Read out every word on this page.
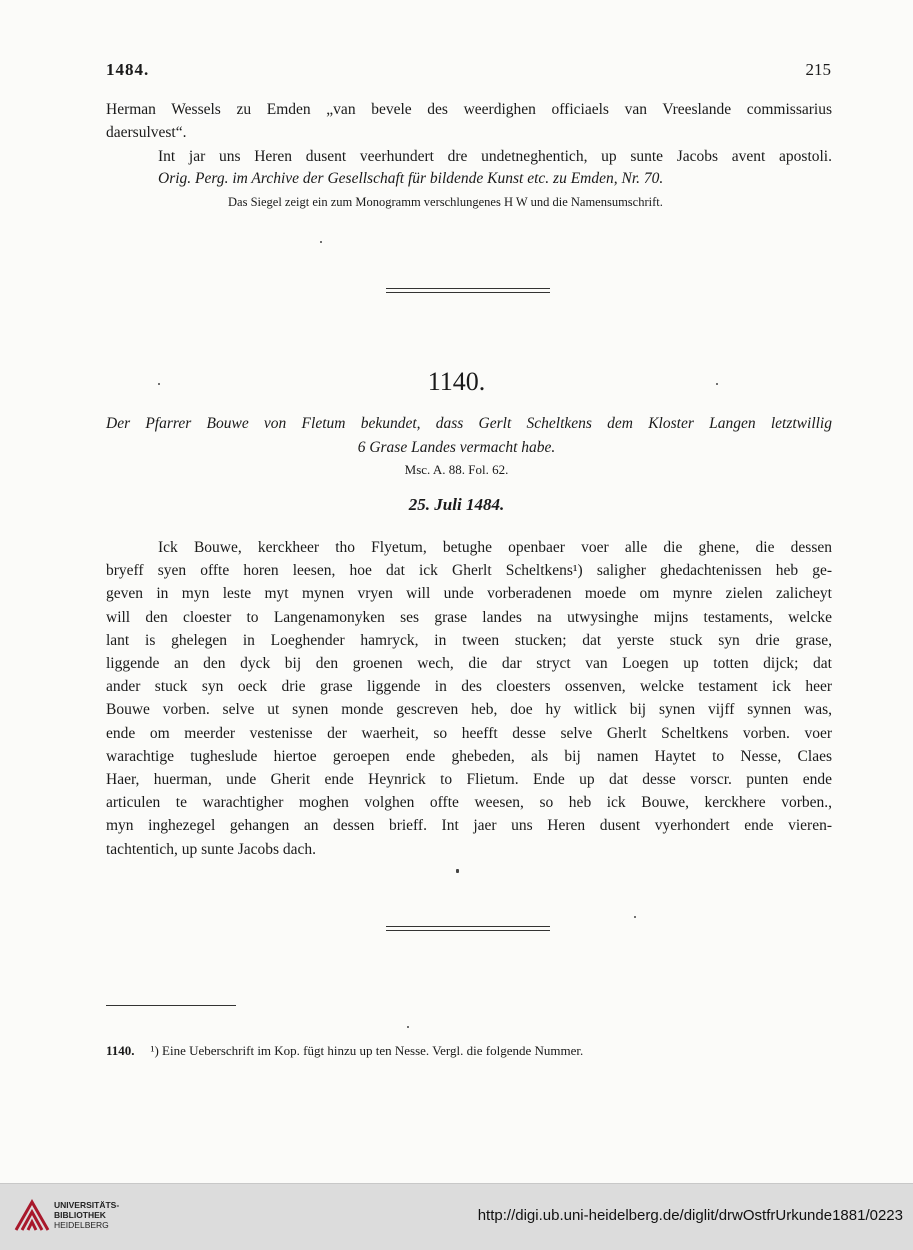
1484.	215
Herman Wessels zu Emden „van bevele des weerdighen officiaels van Vreeslande commissarius
daersulvest“.
Int jar uns Heren dusent veerhundert dre undetneghentich, up sunte Jacobs avent apostoli.
Orig. Perg. im Archive der Gesellschaft für bildende Kunst etc. zu Emden, Nr. 70.
Das Siegel zeigt ein zum Monogramm verschlungenes H W und die Namensumschrift.
1140.
Der Pfarrer Bouwe von Fletum bekundet, dass Gerlt Scheltkens dem Kloster Langen letztwillig
6 Grase Landes vermacht habe.
Msc. A. 88. Fol. 62.
25. Juli 1484.
Ick Bouwe, kerckheer tho Flyetum, betughe openbaer voer alle die ghene, die dessen
bryeff syen offte horen leesen, hoe dat ick Gherlt Scheltkens¹) saligher ghedachtenissen heb ge-
geven in myn leste myt mynen vryen will unde vorberadenen moede om mynre zielen zalicheyt
will den cloester to Langenamonyken ses grase landes na utwysinghe mijns testaments, welcke
lant is ghelegen in Loeghender hamryck, in tween stucken; dat yerste stuck syn drie grase,
liggende an den dyck bij den groenen wech, die dar stryct van Loegen up totten dijck; dat
ander stuck syn oeck drie grase liggende in des cloesters ossenven, welcke testament ick heer
Bouwe vorben. selve ut synen monde gescreven heb, doe hy witlick bij synen vijff synnen was,
ende om meerder vestenisse der waerheit, so heefft desse selve Gherlt Scheltkens vorben. voer
warachtige tugheslude hiertoe geroepen ende ghebeden, als bij namen Haytet to Nesse, Claes
Haer, huerman, unde Gherit ende Heynrick to Flietum. Ende up dat desse vorscr. punten ende
articulen te warachtigher moghen volghen offte weesen, so heb ick Bouwe, kerckhere vorben.,
myn inghezegel gehangen an dessen brieff. Int jaer uns Heren dusent vyerhondert ende vieren-
tachtentich, up sunte Jacobs dach.
1140. ¹) Eine Ueberschrift im Kop. fügt hinzu up ten Nesse. Vergl. die folgende Nummer.
UNIVERSITÄTS-
BIBLIOTHEK
HEIDELBERG
http://digi.ub.uni-heidelberg.de/diglit/drwOstfrUrkunde1881/0223
